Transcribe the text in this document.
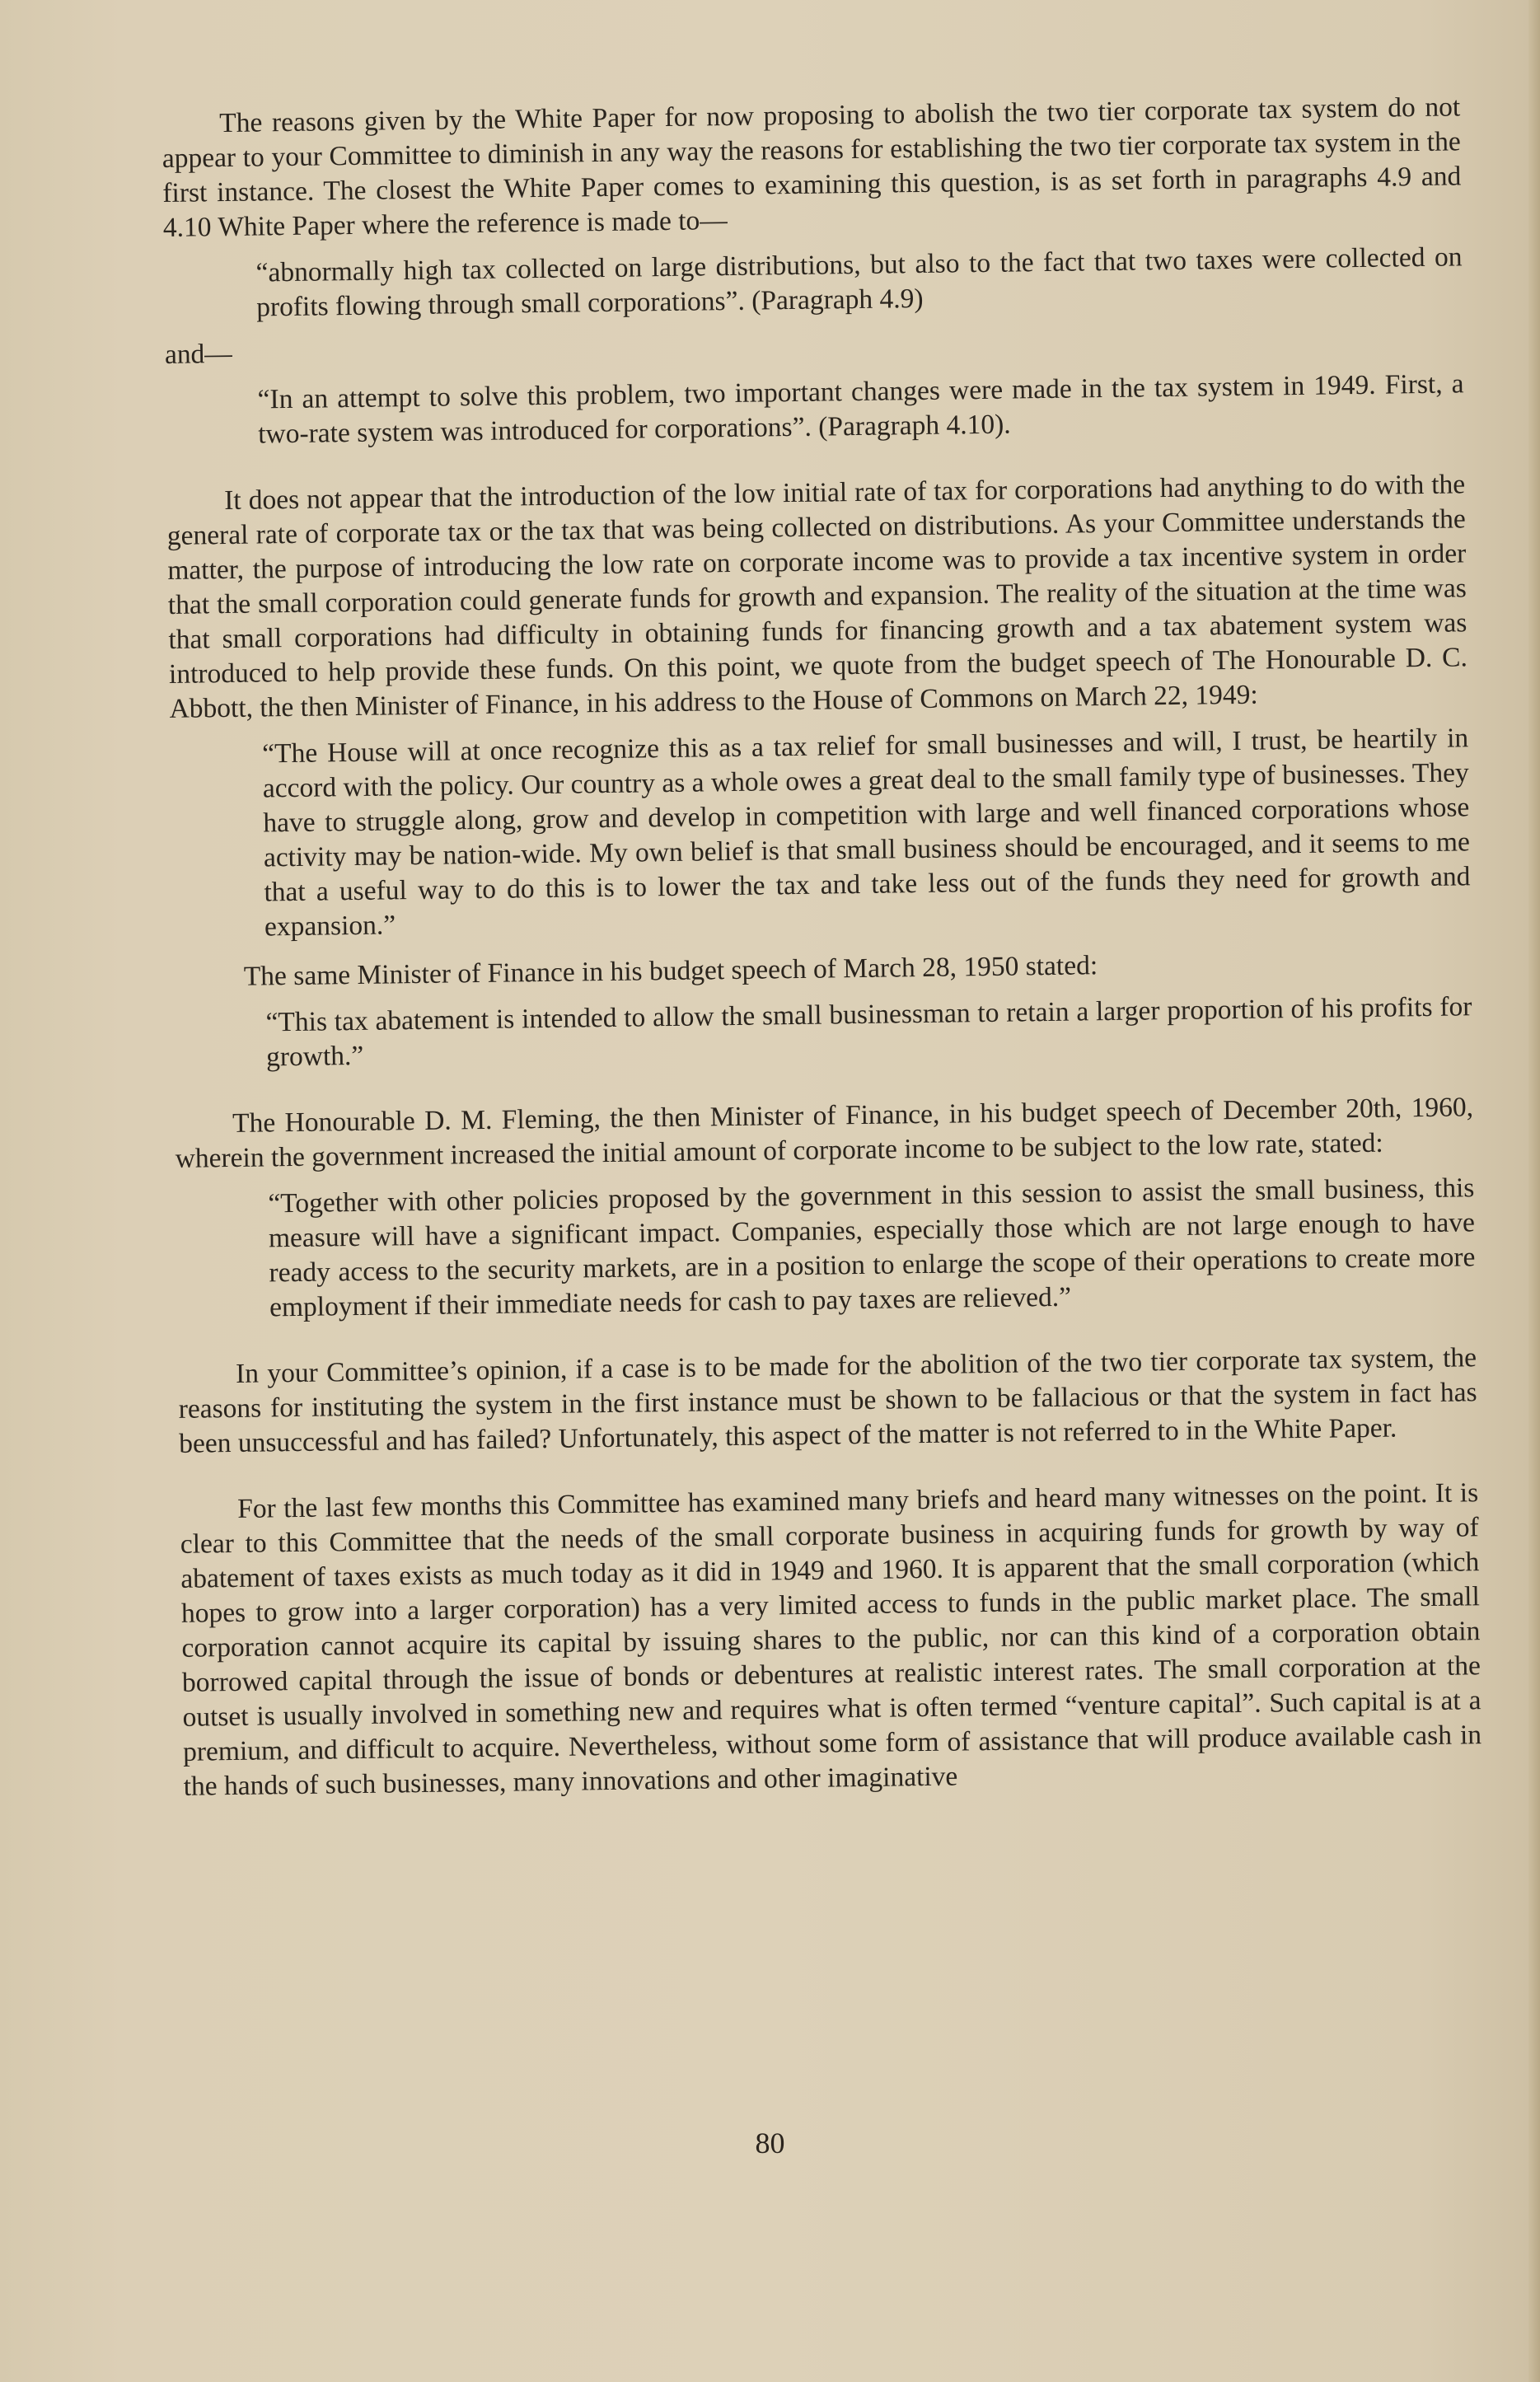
The reasons given by the White Paper for now proposing to abolish the two tier corporate tax system do not appear to your Committee to diminish in any way the reasons for establishing the two tier corporate tax system in the first instance. The closest the White Paper comes to examining this question, is as set forth in paragraphs 4.9 and 4.10 White Paper where the reference is made to—

“abnormally high tax collected on large distributions, but also to the fact that two taxes were collected on profits flowing through small corporations”. (Paragraph 4.9)

and—

“In an attempt to solve this problem, two important changes were made in the tax system in 1949. First, a two-rate system was introduced for corporations”. (Paragraph 4.10).

It does not appear that the introduction of the low initial rate of tax for corporations had anything to do with the general rate of corporate tax or the tax that was being collected on distributions. As your Committee understands the matter, the purpose of introducing the low rate on corporate income was to provide a tax incentive system in order that the small corporation could generate funds for growth and expansion. The reality of the situation at the time was that small corporations had difficulty in obtaining funds for financing growth and a tax abatement system was introduced to help provide these funds. On this point, we quote from the budget speech of The Honourable D. C. Abbott, the then Minister of Finance, in his address to the House of Commons on March 22, 1949:

“The House will at once recognize this as a tax relief for small businesses and will, I trust, be heartily in accord with the policy. Our country as a whole owes a great deal to the small family type of businesses. They have to struggle along, grow and develop in competition with large and well financed corporations whose activity may be nation-wide. My own belief is that small business should be encouraged, and it seems to me that a useful way to do this is to lower the tax and take less out of the funds they need for growth and expansion.”

The same Minister of Finance in his budget speech of March 28, 1950 stated:

“This tax abatement is intended to allow the small businessman to retain a larger proportion of his profits for growth.”

The Honourable D. M. Fleming, the then Minister of Finance, in his budget speech of December 20th, 1960, wherein the government increased the initial amount of corporate income to be subject to the low rate, stated:

“Together with other policies proposed by the government in this session to assist the small business, this measure will have a significant impact. Companies, especially those which are not large enough to have ready access to the security markets, are in a position to enlarge the scope of their operations to create more employment if their immediate needs for cash to pay taxes are relieved.”

In your Committee’s opinion, if a case is to be made for the abolition of the two tier corporate tax system, the reasons for instituting the system in the first instance must be shown to be fallacious or that the system in fact has been unsuccessful and has failed? Unfortunately, this aspect of the matter is not referred to in the White Paper.

For the last few months this Committee has examined many briefs and heard many witnesses on the point. It is clear to this Committee that the needs of the small corporate business in acquiring funds for growth by way of abatement of taxes exists as much today as it did in 1949 and 1960. It is apparent that the small corporation (which hopes to grow into a larger corporation) has a very limited access to funds in the public market place. The small corporation cannot acquire its capital by issuing shares to the public, nor can this kind of a corporation obtain borrowed capital through the issue of bonds or debentures at realistic interest rates. The small corporation at the outset is usually involved in something new and requires what is often termed “venture capital”. Such capital is at a premium, and difficult to acquire. Nevertheless, without some form of assistance that will produce available cash in the hands of such businesses, many innovations and other imaginative

80
